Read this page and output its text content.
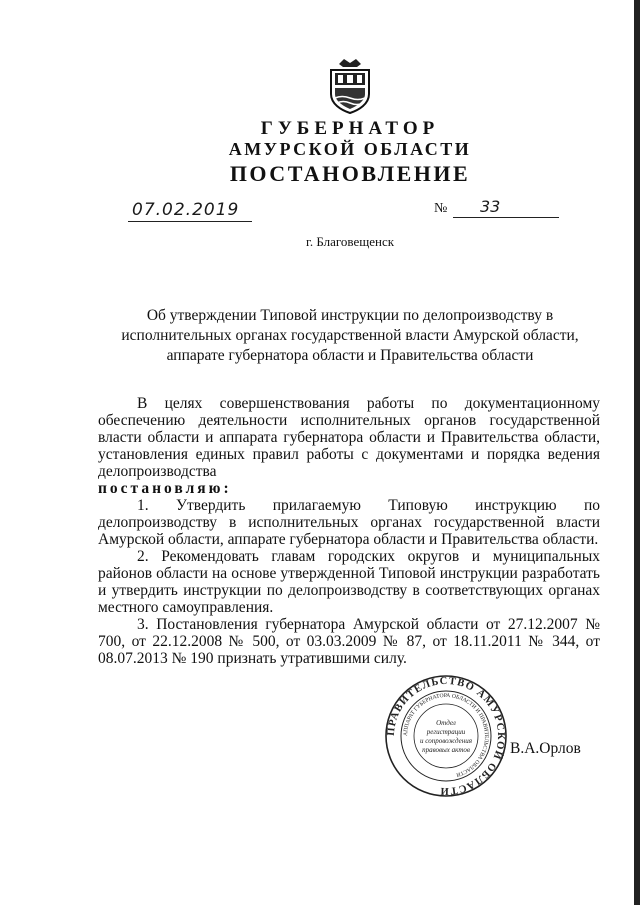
ГУБЕРНАТОР
АМУРСКОЙ ОБЛАСТИ
ПОСТАНОВЛЕНИЕ
07.02.2019	№ 33
г. Благовещенск
Об утверждении Типовой инструкции по делопроизводству в
исполнительных органах государственной власти Амурской области,
аппарате губернатора области и Правительства области

В целях совершенствования работы по документационному обеспечению деятельности исполнительных органов государственной власти области и аппарата губернатора области и Правительства области, установления единых правил работы с документами и порядка ведения делопроизводства

постановляю:

1. Утвердить прилагаемую Типовую инструкцию по делопроизводству в исполнительных органах государственной власти Амурской области, аппарате губернатора области и Правительства области.

2. Рекомендовать главам городских округов и муниципальных районов области на основе утвержденной Типовой инструкции разработать и утвердить инструкции по делопроизводству в соответствующих органах местного самоуправления.

3. Постановления губернатора Амурской области от 27.12.2007 № 700, от 22.12.2008 № 500, от 03.03.2009 № 87, от 18.11.2011 № 344, от 08.07.2013 № 190 признать утратившими силу.

ПРАВИТЕЛЬСТВО АМУРСКОЙ ОБЛАСТИ
АППАРАТ ГУБЕРНАТОРА ОБЛАСТИ И ПРАВИТЕЛЬСТВА ОБЛАСТИ
Отдел
регистрации
и сопровождения
правовых актов	В.А.Орлов
